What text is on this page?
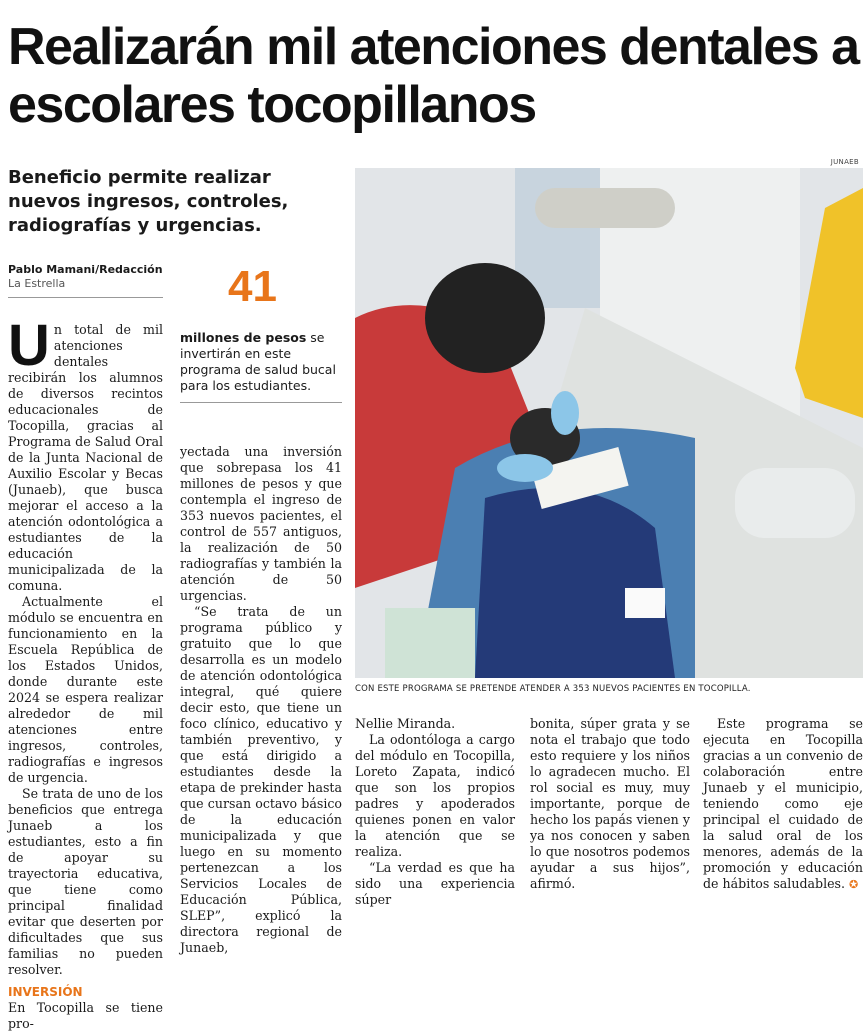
Realizarán mil atenciones dentales a escolares tocopillanos
Beneficio permite realizar nuevos ingresos, controles, radiografías y urgencias.
Pablo Mamani/Redacción
La Estrella
JUNAEB

Un total de mil atenciones dentales recibirán los alumnos de diversos recintos educacionales de Tocopilla, gracias al Programa de Salud Oral de la Junta Nacional de Auxilio Escolar y Becas (Junaeb), que busca mejorar el acceso a la atención odontológica a estudiantes de la educación municipalizada de la comuna.

Actualmente el módulo se encuentra en funcionamiento en la Escuela República de los Estados Unidos, donde durante este 2024 se espera realizar alrededor de mil atenciones entre ingresos, controles, radiografías e ingresos de urgencia.

Se trata de uno de los beneficios que entrega Junaeb a los estudiantes, esto a fin de apoyar su trayectoria educativa, que tiene como principal finalidad evitar que deserten por dificultades que sus familias no pueden resolver.

INVERSIÓN

En Tocopilla se tiene pro-

41
millones de pesos se invertirán en este programa de salud bucal para los estudiantes.

yectada una inversión que sobrepasa los 41 millones de pesos y que contempla el ingreso de 353 nuevos pacientes, el control de 557 antiguos, la realización de 50 radiografías y también la atención de 50 urgencias.

“Se trata de un programa público y gratuito que lo que desarrolla es un modelo de atención odontológica integral, qué quiere decir esto, que tiene un foco clínico, educativo y también preventivo, y que está dirigido a estudiantes desde la etapa de prekinder hasta que cursan octavo básico de la educación municipalizada y que luego en su momento pertenezcan a los Servicios Locales de Educación Pública, SLEP”, explicó la directora regional de Junaeb,

CON ESTE PROGRAMA SE PRETENDE ATENDER A 353 NUEVOS PACIENTES EN TOCOPILLA.

Nellie Miranda.

La odontóloga a cargo del módulo en Tocopilla, Loreto Zapata, indicó que son los propios padres y apoderados quienes ponen en valor la atención que se realiza.

“La verdad es que ha sido una experiencia súper

bonita, súper grata y se nota el trabajo que todo esto requiere y los niños lo agradecen mucho. El rol social es muy, muy importante, porque de hecho los papás vienen y ya nos conocen y saben lo que nosotros podemos ayudar a sus hijos”, afirmó.

Este programa se ejecuta en Tocopilla gracias a un convenio de colaboración entre Junaeb y el municipio, teniendo como eje principal el cuidado de la salud oral de los menores, además de la promoción y educación de hábitos saludables. ✪
